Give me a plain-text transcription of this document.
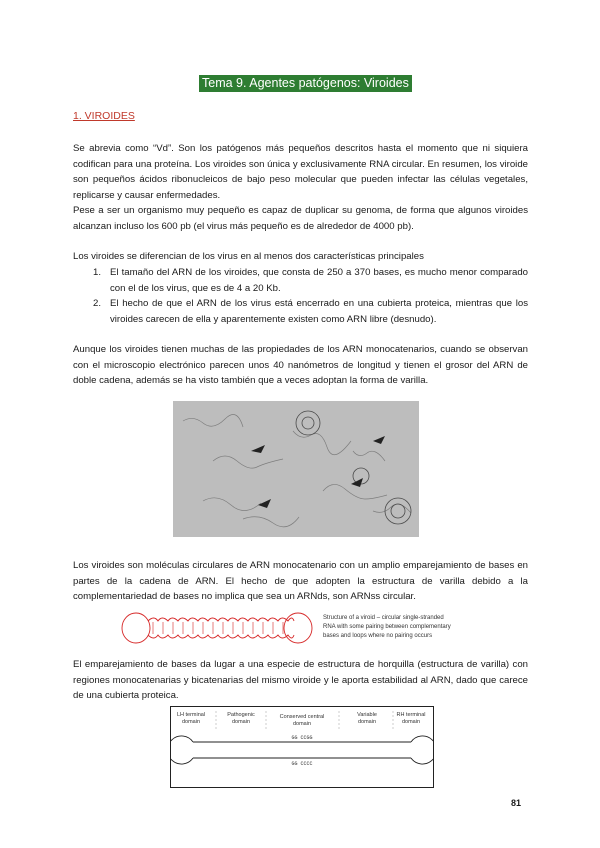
Tema 9. Agentes patógenos: Viroides
1. VIROIDES

Se abrevia como “Vd”. Son los patógenos más pequeños descritos hasta el momento que ni siquiera codifican para una proteína. Los viroides son única y exclusivamente RNA circular. En resumen, los viroide son pequeños ácidos ribonucleicos de bajo peso molecular que pueden infectar las células vegetales, replicarse y causar enfermedades.

Pese a ser un organismo muy pequeño es capaz de duplicar su genoma, de forma que algunos viroides alcanzan incluso los 600 pb (el virus más pequeño es de alrededor de 4000 pb).

Los viroides se diferencian de los virus en al menos dos características principales

1. El tamaño del ARN de los viroides, que consta de 250 a 370 bases, es mucho menor comparado con el de los virus, que es de 4 a 20 Kb.
2. El hecho de que el ARN de los virus está encerrado en una cubierta proteica, mientras que los viroides carecen de ella y aparentemente existen como ARN libre (desnudo).

Aunque los viroides tienen muchas de las propiedades de los ARN monocatenarios, cuando se observan con el microscopio electrónico parecen unos 40 nanómetros de longitud y tienen el grosor del ARN de doble cadena, además se ha visto también que a veces adoptan la forma de varilla.

Los viroides son moléculas circulares de ARN monocatenario con un amplio emparejamiento de bases en partes de la cadena de ARN. El hecho de que adopten la estructura de varilla debido a la complementariedad de bases no implica que sea un ARNds, son ARNss circular.

Structure of a viroid – circular single-stranded
RNA with some pairing between complementary
bases and loops where no pairing occurs

El emparejamiento de bases da lugar a una especie de estructura de horquilla (estructura de varilla) con regiones monocatenarias y bicatenarias del mismo viroide y le aporta estabilidad al ARN, dado que carece de una cubierta proteica.

LH terminal
domain
Pathogenic
domain
Conserved central
domain
Variable
domain
RH terminal
domain
GG CCGG
GG CCCC
81
